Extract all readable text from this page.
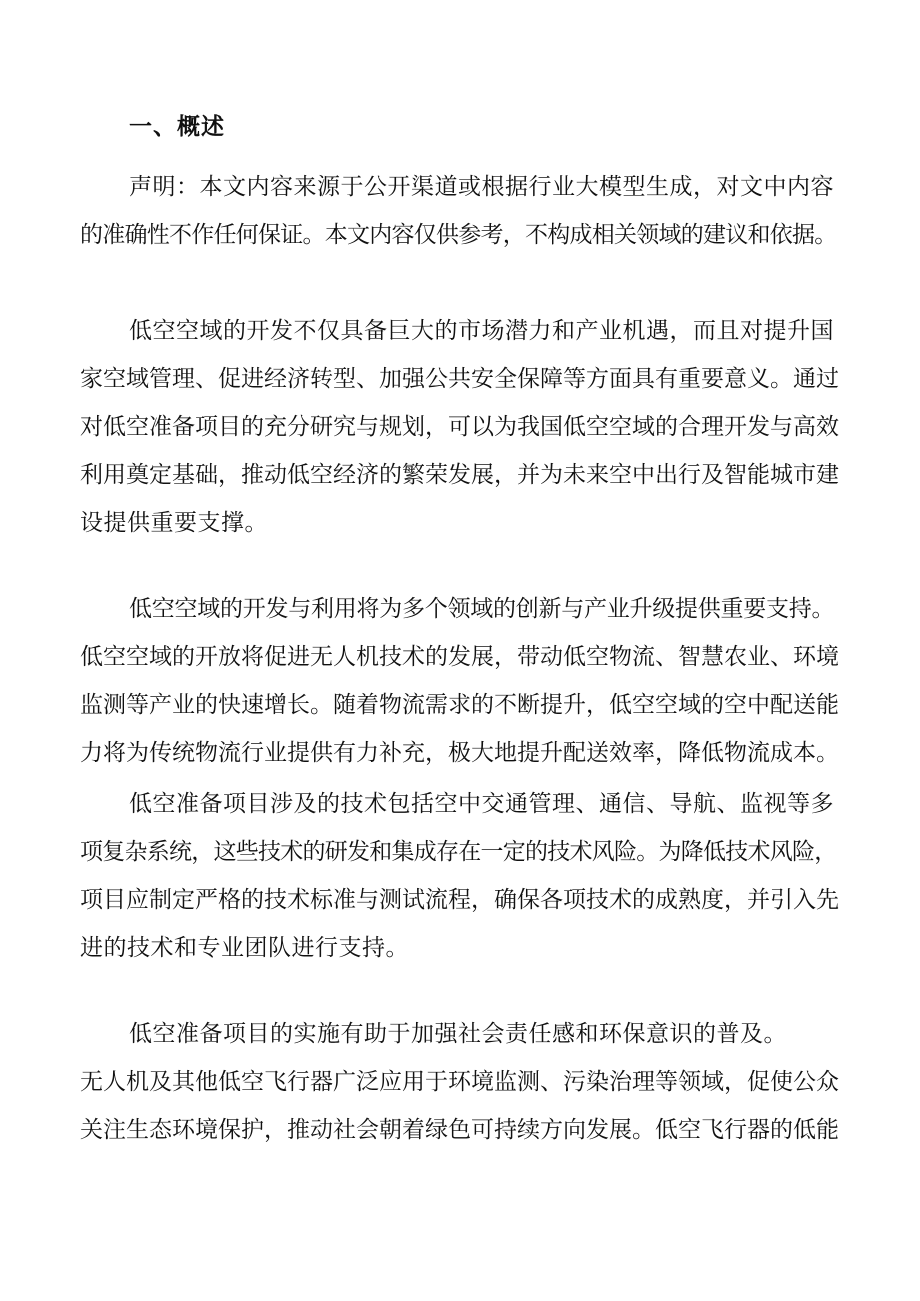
一、概述
声明：本文内容来源于公开渠道或根据行业大模型生成，对文中内容
的准确性不作任何保证。本文内容仅供参考，不构成相关领域的建议和依据。
低空空域的开发不仅具备巨大的市场潜力和产业机遇，而且对提升国
家空域管理、促进经济转型、加强公共安全保障等方面具有重要意义。通过
对低空准备项目的充分研究与规划，可以为我国低空空域的合理开发与高效
利用奠定基础，推动低空经济的繁荣发展，并为未来空中出行及智能城市建
设提供重要支撑。
低空空域的开发与利用将为多个领域的创新与产业升级提供重要支持。
低空空域的开放将促进无人机技术的发展，带动低空物流、智慧农业、环境
监测等产业的快速增长。随着物流需求的不断提升，低空空域的空中配送能
力将为传统物流行业提供有力补充，极大地提升配送效率，降低物流成本。
低空准备项目涉及的技术包括空中交通管理、通信、导航、监视等多
项复杂系统，这些技术的研发和集成存在一定的技术风险。为降低技术风险，
项目应制定严格的技术标准与测试流程，确保各项技术的成熟度，并引入先
进的技术和专业团队进行支持。
低空准备项目的实施有助于加强社会责任感和环保意识的普及。
无人机及其他低空飞行器广泛应用于环境监测、污染治理等领域，促使公众
关注生态环境保护，推动社会朝着绿色可持续方向发展。低空飞行器的低能
